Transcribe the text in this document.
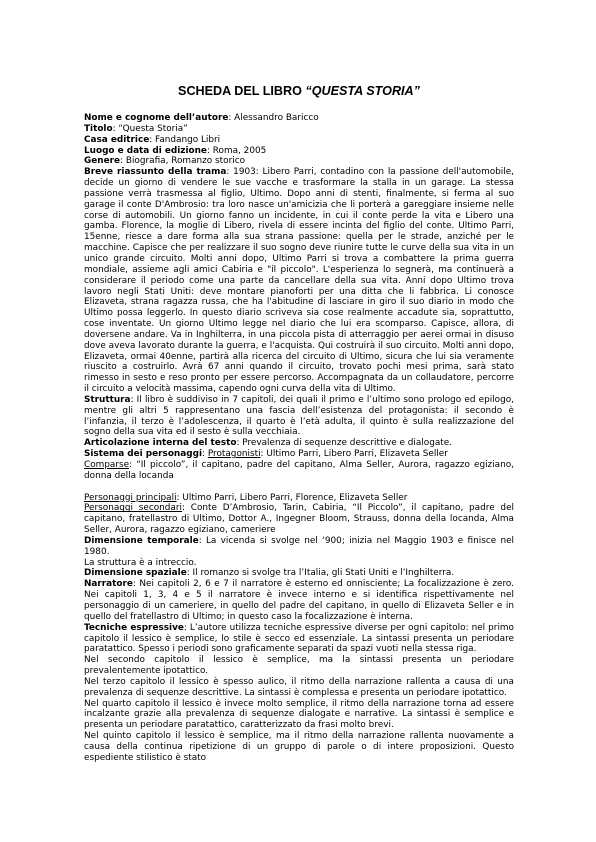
SCHEDA DEL LIBRO “QUESTA STORIA”

Nome e cognome dell’autore: Alessandro Baricco

Titolo: “Questa Storia”

Casa editrice: Fandango Libri

Luogo e data di edizione: Roma, 2005

Genere: Biografia, Romanzo storico

Breve riassunto della trama: 1903: Libero Parri, contadino con la passione dell'automobile, decide un giorno di vendere le sue vacche e trasformare la stalla in un garage. La stessa passione verrà trasmessa al figlio, Ultimo. Dopo anni di stenti, finalmente, si ferma al suo garage il conte D'Ambrosio: tra loro nasce un'amicizia che li porterà a gareggiare insieme nelle corse di automobili. Un giorno fanno un incidente, in cui il conte perde la vita e Libero una gamba. Florence, la moglie di Libero, rivela di essere incinta del figlio del conte. Ultimo Parri, 15enne, riesce a dare forma alla sua strana passione: quella per le strade, anziché per le macchine. Capisce che per realizzare il suo sogno deve riunire tutte le curve della sua vita in un unico grande circuito. Molti anni dopo, Ultimo Parri si trova a combattere la prima guerra mondiale, assieme agli amici Cabiria e "il piccolo". L'esperienza lo segnerà, ma continuerà a considerare il periodo come una parte da cancellare della sua vita. Anni dopo Ultimo trova lavoro negli Stati Uniti: deve montare pianoforti per una ditta che li fabbrica. Li conosce Elizaveta, strana ragazza russa, che ha l'abitudine di lasciare in giro il suo diario in modo che Ultimo possa leggerlo. In questo diario scriveva sia cose realmente accadute sia, soprattutto, cose inventate. Un giorno Ultimo legge nel diario che lui era scomparso. Capisce, allora, di doversene andare. Va in Inghilterra, in una piccola pista di atterraggio per aerei ormai in disuso dove aveva lavorato durante la guerra, e l'acquista. Qui costruirà il suo circuito. Molti anni dopo, Elizaveta, ormai 40enne, partirà alla ricerca del circuito di Ultimo, sicura che lui sia veramente riuscito a costruirlo. Avrà 67 anni quando il circuito, trovato pochi mesi prima, sarà stato rimesso in sesto e reso pronto per essere percorso. Accompagnata da un collaudatore, percorre il circuito a velocità massima, capendo ogni curva della vita di Ultimo.

Struttura: Il libro è suddiviso in 7 capitoli, dei quali il primo e l’ultimo sono prologo ed epilogo, mentre gli altri 5 rappresentano una fascia dell’esistenza del protagonista: il secondo è l’infanzia, il terzo è l’adolescenza, il quarto è l’età adulta, il quinto è sulla realizzazione del sogno della sua vita ed il sesto è sulla vecchiaia.

Articolazione interna del testo: Prevalenza di sequenze descrittive e dialogate.

Sistema dei personaggi: Protagonisti: Ultimo Parri, Libero Parri, Elizaveta Seller

Comparse: “Il piccolo”, il capitano, padre del capitano, Alma Seller, Aurora, ragazzo egiziano, donna della locanda

Personaggi principali: Ultimo Parri, Libero Parri, Florence, Elizaveta Seller

Personaggi secondari: Conte D’Ambrosio, Tarin, Cabiria, “Il Piccolo”, il capitano, padre del capitano, fratellastro di Ultimo, Dottor A., Ingegner Bloom, Strauss, donna della locanda, Alma Seller, Aurora, ragazzo egiziano, cameriere

Dimensione temporale: La vicenda si svolge nel ‘900; inizia nel Maggio 1903 e finisce nel 1980.

La struttura è a intreccio.

Dimensione spaziale: Il romanzo si svolge tra l’Italia, gli Stati Uniti e l’Inghilterra.

Narratore: Nei capitoli 2, 6 e 7 il narratore è esterno ed onnisciente; La focalizzazione è zero. Nei capitoli 1, 3, 4 e 5 il narratore è invece interno e si identifica rispettivamente nel personaggio di un cameriere, in quello del padre del capitano, in quello di Elizaveta Seller e in quello del fratellastro di Ultimo; in questo caso la focalizzazione è interna.

Tecniche espressive: L’autore utilizza tecniche espressive diverse per ogni capitolo: nel primo capitolo il lessico è semplice, lo stile è secco ed essenziale. La sintassi presenta un periodare paratattico. Spesso i periodi sono graficamente separati da spazi vuoti nella stessa riga.

Nel secondo capitolo il lessico è semplice, ma la sintassi presenta un periodare prevalentemente ipotattico.

Nel terzo capitolo il lessico è spesso aulico, il ritmo della narrazione rallenta a causa di una prevalenza di sequenze descrittive. La sintassi è complessa e presenta un periodare ipotattico.

Nel quarto capitolo il lessico è invece molto semplice, il ritmo della narrazione torna ad essere incalzante grazie alla prevalenza di sequenze dialogate e narrative. La sintassi è semplice e presenta un periodare paratattico, caratterizzato da frasi molto brevi.

Nel quinto capitolo il lessico è semplice, ma il ritmo della narrazione rallenta nuovamente a causa della continua ripetizione di un gruppo di parole o di intere proposizioni. Questo espediente stilistico è stato
